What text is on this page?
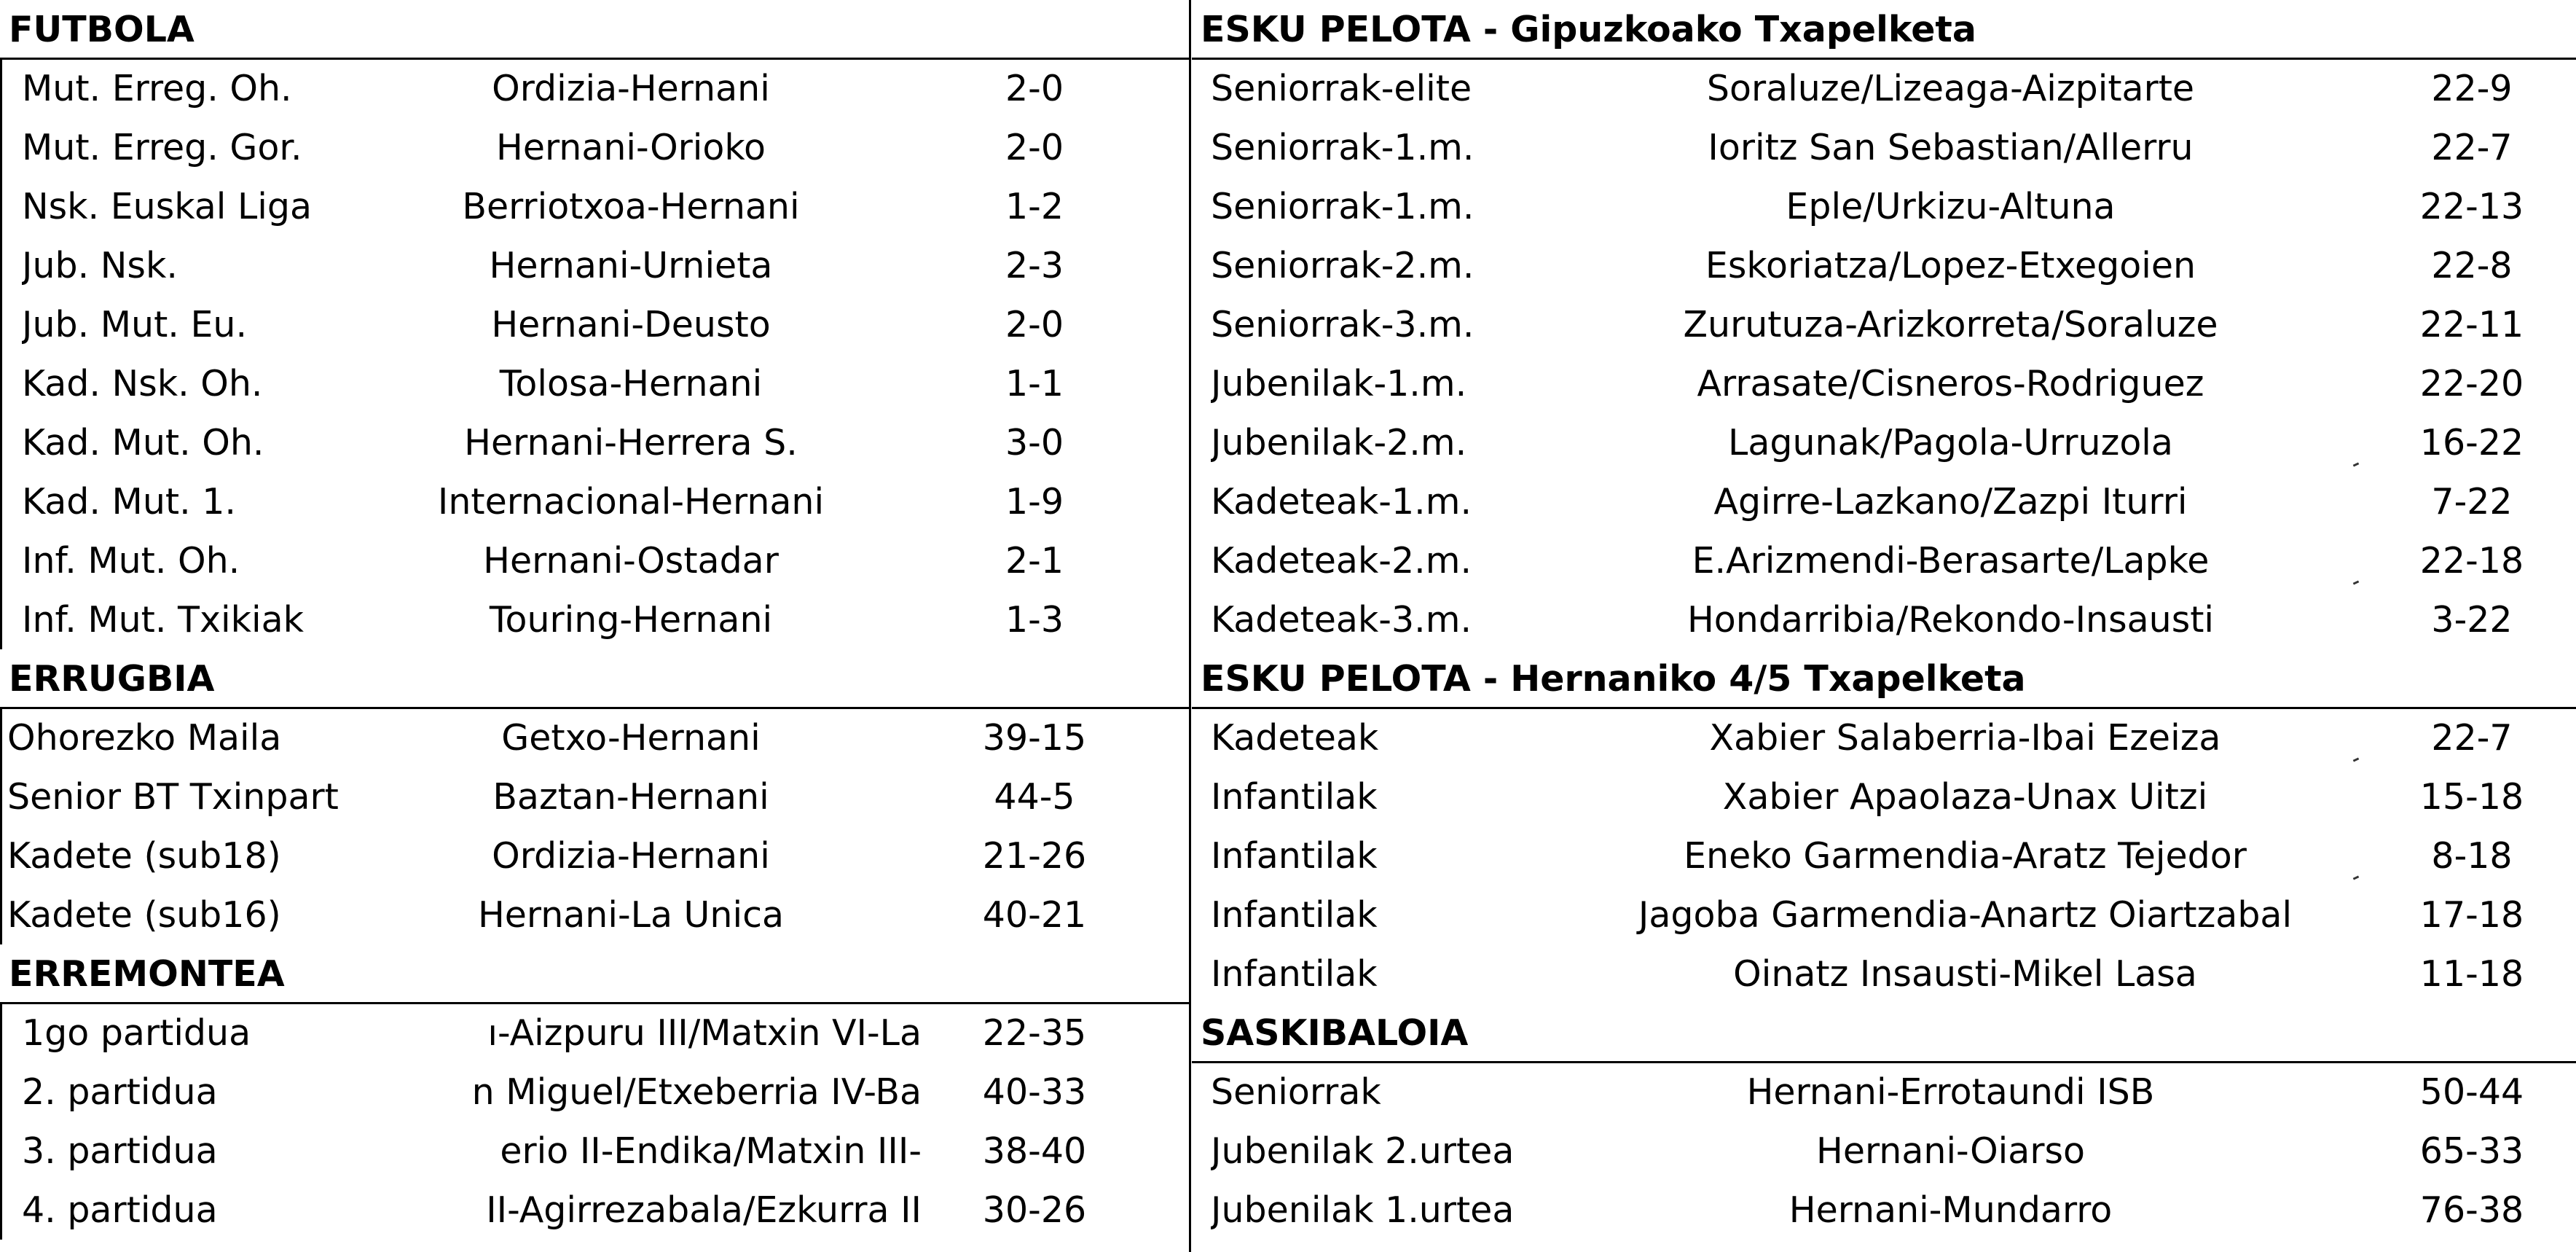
FUTBOLA
Mut. Erreg. Oh.	Ordizia-Hernani	2-0
Mut. Erreg. Gor.	Hernani-Orioko	2-0
Nsk. Euskal Liga	Berriotxoa-Hernani	1-2
Jub. Nsk.	Hernani-Urnieta	2-3
Jub. Mut. Eu.	Hernani-Deusto	2-0
Kad. Nsk. Oh.	Tolosa-Hernani	1-1
Kad. Mut. Oh.	Hernani-Herrera S.	3-0
Kad. Mut. 1.	Internacional-Hernani	1-9
Inf. Mut. Oh.	Hernani-Ostadar	2-1
Inf. Mut. Txikiak	Touring-Hernani	1-3
ERRUGBIA
Ohorezko Maila	Getxo-Hernani	39-15
Senior BT Txinpart	Baztan-Hernani	44-5
Kadete (sub18)	Ordizia-Hernani	21-26
Kadete (sub16)	Hernani-La Unica	40-21
ERREMONTEA
1go partidua	ı-Aizpuru III/Matxin VI-La	22-35
2. partidua	n Miguel/Etxeberria IV-Ba	40-33
3. partidua	erio II-Endika/Matxin III-	38-40
4. partidua	II-Agirrezabala/Ezkurra II	30-26
ESKU PELOTA - Gipuzkoako Txapelketa
Seniorrak-elite	Soraluze/Lizeaga-Aizpitarte	22-9
Seniorrak-1.m.	Ioritz San Sebastian/Allerru	22-7
Seniorrak-1.m.	Eple/Urkizu-Altuna	22-13
Seniorrak-2.m.	Eskoriatza/Lopez-Etxegoien	22-8
Seniorrak-3.m.	Zurutuza-Arizkorreta/Soraluze	22-11
Jubenilak-1.m.	Arrasate/Cisneros-Rodriguez	22-20
Jubenilak-2.m.	Lagunak/Pagola-Urruzola	16-22
Kadeteak-1.m.	Agirre-Lazkano/Zazpi Iturri	7-22
Kadeteak-2.m.	E.Arizmendi-Berasarte/Lapke	22-18
Kadeteak-3.m.	Hondarribia/Rekondo-Insausti	3-22
ESKU PELOTA - Hernaniko 4/5 Txapelketa
Kadeteak	Xabier Salaberria-Ibai Ezeiza	22-7
Infantilak	Xabier Apaolaza-Unax Uitzi	15-18
Infantilak	Eneko Garmendia-Aratz Tejedor	8-18
Infantilak	Jagoba Garmendia-Anartz Oiartzabal	17-18
Infantilak	Oinatz Insausti-Mikel Lasa	11-18
SASKIBALOIA
Seniorrak	Hernani-Errotaundi ISB	50-44
Jubenilak 2.urtea	Hernani-Oiarso	65-33
Jubenilak 1.urtea	Hernani-Mundarro	76-38
